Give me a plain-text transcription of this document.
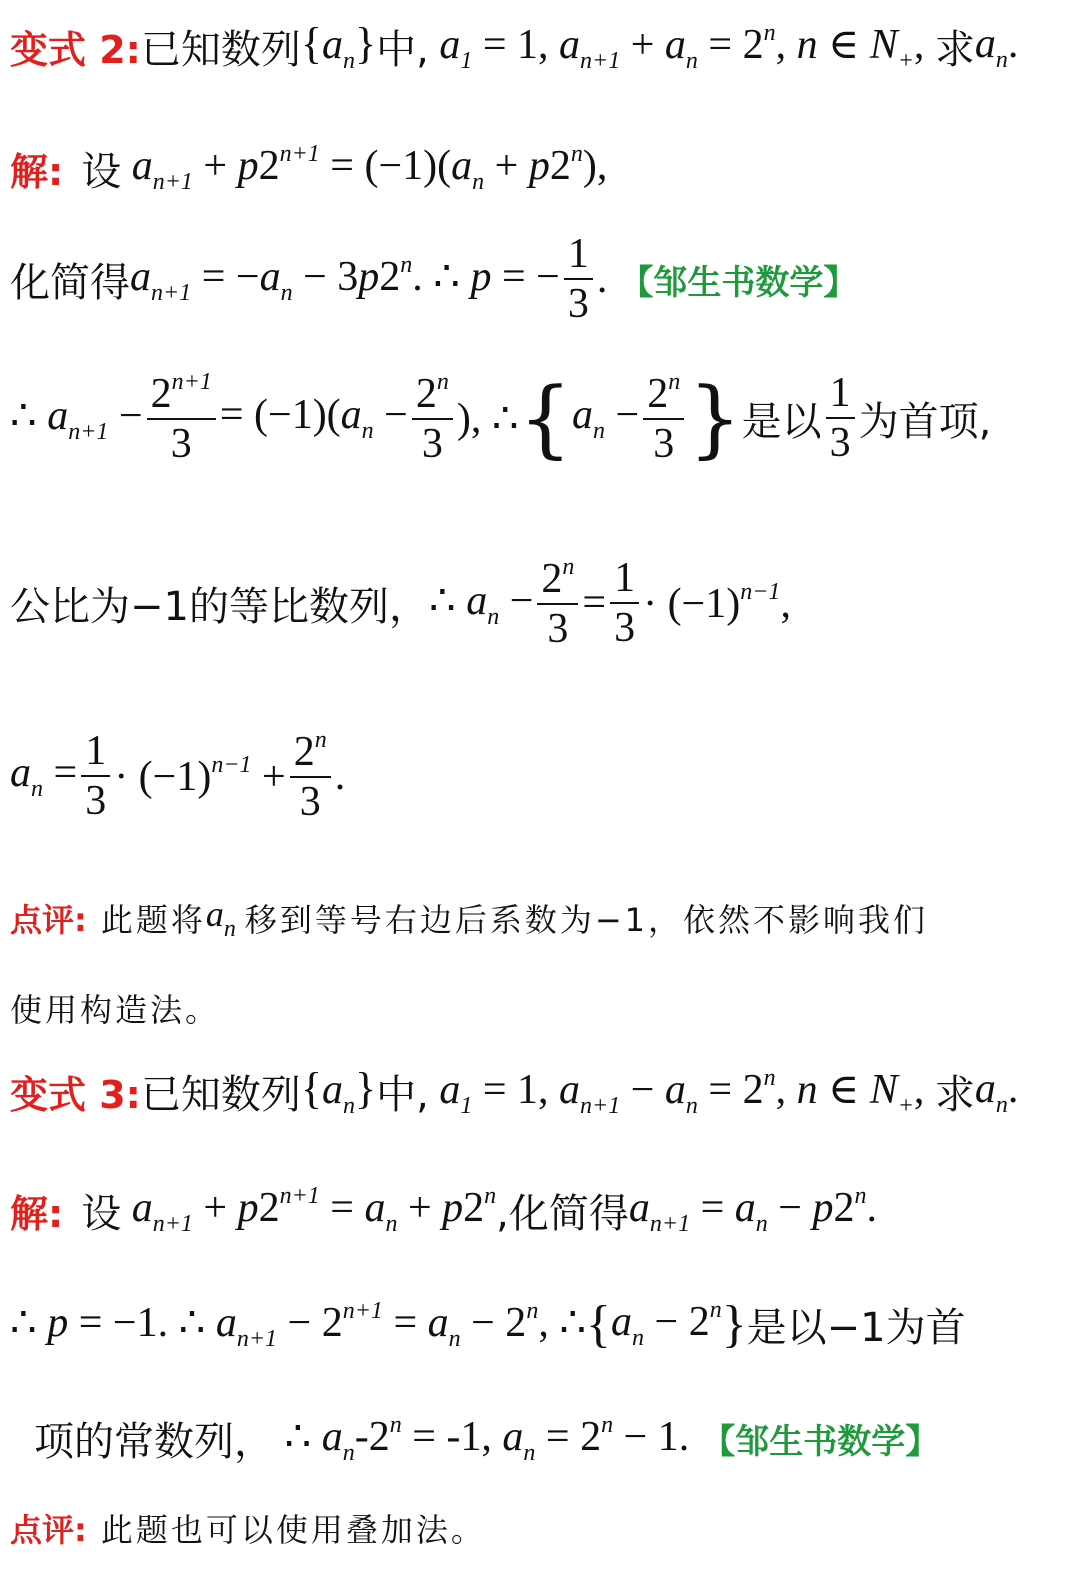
变式 2: 已知数列 $\{a_n\}$ 中, $a_1 = 1$, $a_{n+1} + a_n = 2^n$, n ∈ $N_+$, 求 $a_n$.
解: 设 $a_{n+1} + p2^{n+1} = (-1)(a_n + p2^n)$,
化简得 $a_{n+1} = -a_n - 3p2^n$. ∴ p = − $\frac{1}{3}$ . 【邹生书数学】
∴ $a_{n+1} - \frac{2^{n+1}}{3} = (-1)(a_n - \frac{2^n}{3}$ ), ∴ { $a_n - \frac{2^n}{3}$ } 是以 $\frac{1}{3}$ 为首项,
公比为−1的等比数列， ∴ $a_n - \frac{2^n}{3} = \frac{1}{3} \cdot (-1)^{n-1}$,
$a_n = \frac{1}{3} \cdot (-1)^{n-1} + \frac{2^n}{3}$ .
点评: 此题将 $a_n$ 移到等号右边后系数为−1，依然不影响我们
使用构造法。
变式 3: 已知数列 $\{a_n\}$ 中, $a_1 = 1$, $a_{n+1} - a_n = 2^n$, n ∈ $N_+$, 求 $a_n$.
解: 设 $a_{n+1} + p2^{n+1} = a_n + p2^n$ ,化简得 $a_{n+1} = a_n - p2^n$.
∴ p = −1. ∴ $a_{n+1} - 2^{n+1} = a_n - 2^n$, ∴ { $a_n - 2^n$ } 是以−1为首
项的常数列， ∴ $a_n-2^n = -1$, $a_n = 2^n - 1$. 【邹生书数学】
点评: 此题也可以使用叠加法。
